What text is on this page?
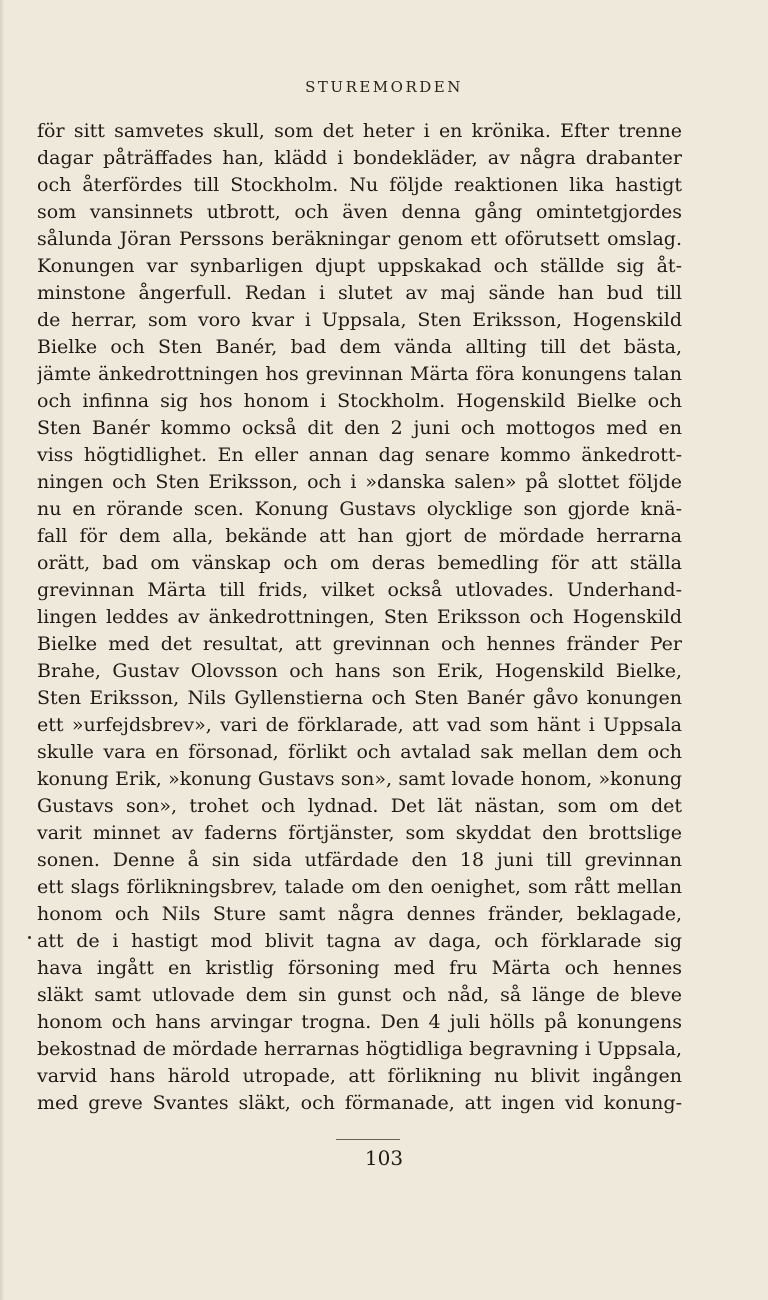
STUREMORDEN
för sitt samvetes skull, som det heter i en krönika. Efter trenne
dagar påträffades han, klädd i bondekläder, av några drabanter
och återfördes till Stockholm. Nu följde reaktionen lika hastigt
som vansinnets utbrott, och även denna gång omintetgjordes
sålunda Jöran Perssons beräkningar genom ett oförutsett omslag.
Konungen var synbarligen djupt uppskakad och ställde sig åt-
minstone ångerfull. Redan i slutet av maj sände han bud till
de herrar, som voro kvar i Uppsala, Sten Eriksson, Hogenskild
Bielke och Sten Banér, bad dem vända allting till det bästa,
jämte änkedrottningen hos grevinnan Märta föra konungens talan
och infinna sig hos honom i Stockholm. Hogenskild Bielke och
Sten Banér kommo också dit den 2 juni och mottogos med en
viss högtidlighet. En eller annan dag senare kommo änkedrott-
ningen och Sten Eriksson, och i »danska salen» på slottet följde
nu en rörande scen. Konung Gustavs olycklige son gjorde knä-
fall för dem alla, bekände att han gjort de mördade herrarna
orätt, bad om vänskap och om deras bemedling för att ställa
grevinnan Märta till frids, vilket också utlovades. Underhand-
lingen leddes av änkedrottningen, Sten Eriksson och Hogenskild
Bielke med det resultat, att grevinnan och hennes fränder Per
Brahe, Gustav Olovsson och hans son Erik, Hogenskild Bielke,
Sten Eriksson, Nils Gyllenstierna och Sten Banér gåvo konungen
ett »urfejdsbrev», vari de förklarade, att vad som hänt i Uppsala
skulle vara en försonad, förlikt och avtalad sak mellan dem och
konung Erik, »konung Gustavs son», samt lovade honom, »konung
Gustavs son», trohet och lydnad. Det lät nästan, som om det
varit minnet av faderns förtjänster, som skyddat den brottslige
sonen. Denne å sin sida utfärdade den 18 juni till grevinnan
ett slags förlikningsbrev, talade om den oenighet, som rått mellan
honom och Nils Sture samt några dennes fränder, beklagade,
att de i hastigt mod blivit tagna av daga, och förklarade sig
hava ingått en kristlig försoning med fru Märta och hennes
släkt samt utlovade dem sin gunst och nåd, så länge de bleve
honom och hans arvingar trogna. Den 4 juli hölls på konungens
bekostnad de mördade herrarnas högtidliga begravning i Uppsala,
varvid hans härold utropade, att förlikning nu blivit ingången
med greve Svantes släkt, och förmanade, att ingen vid konung-
103
